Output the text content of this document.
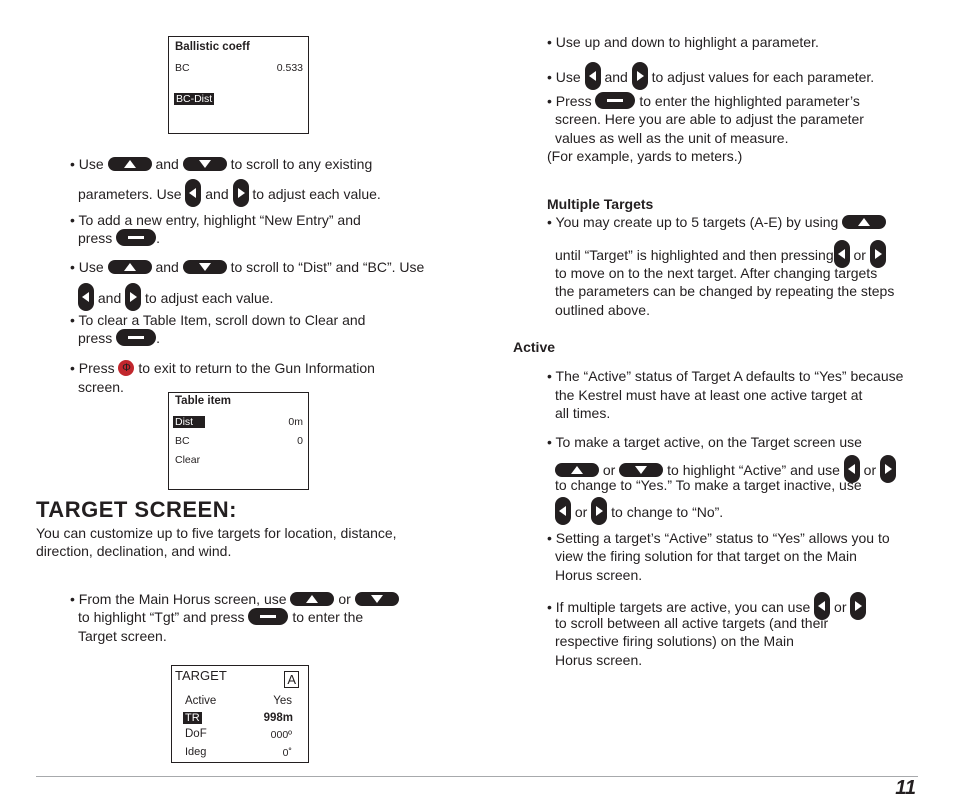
Ballistic coeff
BC	0.533
BC-Dist
• Use	and	to scroll to any existing
parameters. Use and to adjust each value.
• To add a new entry, highlight “New Entry” and
press	.
• Use	and	to scroll to “Dist” and “BC”. Use
and to adjust each value.
• To clear a Table Item, scroll down to Clear and
press	.
• Press Φ to exit to return to the Gun Information
screen.
Table item
Dist	0m
BC	0
Clear
TARGET SCREEN:
You can customize up to five targets for location, distance,
direction, declination, and wind.
• From the Main Horus screen, use	or
to highlight “Tgt” and press	to enter the
Target screen.
TARGET	A
Active	Yes
TR	998m
DoF	000º
Ideg	0˚
• Use up and down to highlight a parameter.
• Use and to adjust values for each parameter.
• Press	to enter the highlighted parameter’s
screen. Here you are able to adjust the parameter
values as well as the unit of measure.
(For example, yards to meters.)
Multiple Targets
• You may create up to 5 targets (A-E) by using
until “Target” is highlighted and then pressing or
to move on to the next target. After changing targets
the parameters can be changed by repeating the steps
outlined above.
Active
• The “Active” status of Target A defaults to “Yes” because
the Kestrel must have at least one active target at
all times.
• To make a target active, on the Target screen use
or	to highlight “Active” and use or
to change to “Yes.” To make a target inactive, use
or to change to “No”.
• Setting a target’s “Active” status to “Yes” allows you to
view the firing solution for that target on the Main
Horus screen.
• If multiple targets are active, you can use or
to scroll between all active targets (and their
respective firing solutions) on the Main
Horus screen.
11
